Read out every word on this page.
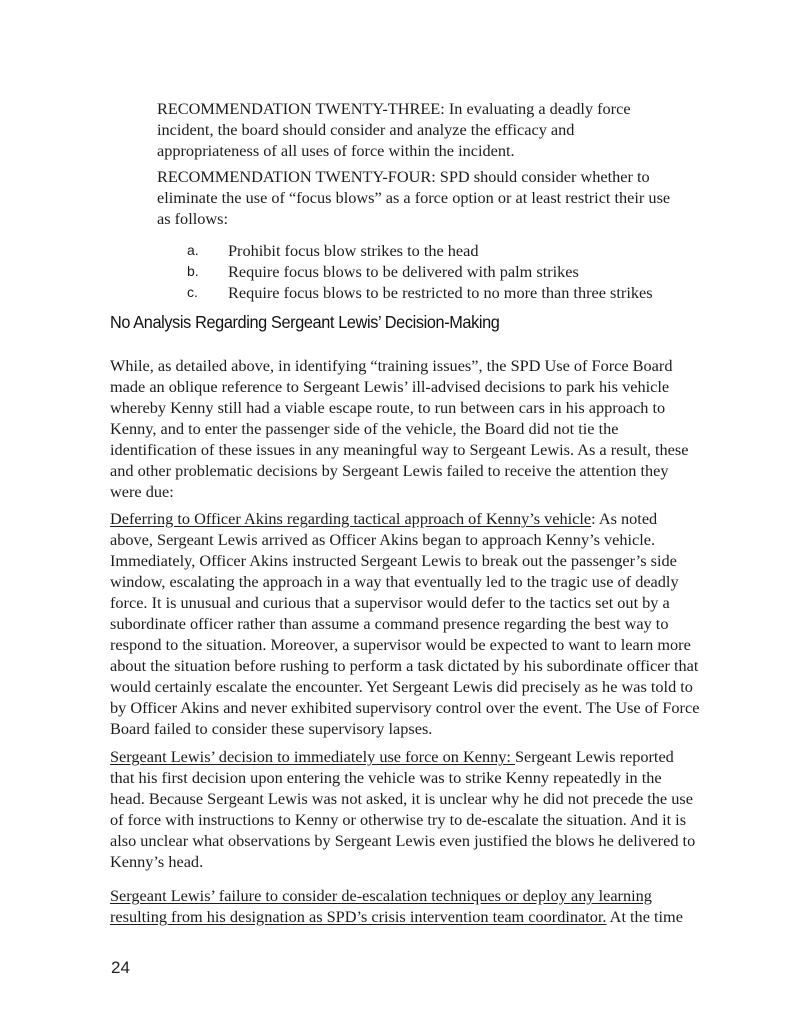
RECOMMENDATION TWENTY-THREE: In evaluating a deadly force incident, the board should consider and analyze the efficacy and appropriateness of all uses of force within the incident.

RECOMMENDATION TWENTY-FOUR: SPD should consider whether to eliminate the use of “focus blows” as a force option or at least restrict their use as follows:

a.	Prohibit focus blow strikes to the head
b.	Require focus blows to be delivered with palm strikes
c.	Require focus blows to be restricted to no more than three strikes
No Analysis Regarding Sergeant Lewis’ Decision-Making

While, as detailed above, in identifying “training issues”, the SPD Use of Force Board made an oblique reference to Sergeant Lewis’ ill-advised decisions to park his vehicle whereby Kenny still had a viable escape route, to run between cars in his approach to Kenny, and to enter the passenger side of the vehicle, the Board did not tie the identification of these issues in any meaningful way to Sergeant Lewis. As a result, these and other problematic decisions by Sergeant Lewis failed to receive the attention they were due:

Deferring to Officer Akins regarding tactical approach of Kenny’s vehicle: As noted above, Sergeant Lewis arrived as Officer Akins began to approach Kenny’s vehicle. Immediately, Officer Akins instructed Sergeant Lewis to break out the passenger’s side window, escalating the approach in a way that eventually led to the tragic use of deadly force. It is unusual and curious that a supervisor would defer to the tactics set out by a subordinate officer rather than assume a command presence regarding the best way to respond to the situation. Moreover, a supervisor would be expected to want to learn more about the situation before rushing to perform a task dictated by his subordinate officer that would certainly escalate the encounter. Yet Sergeant Lewis did precisely as he was told to by Officer Akins and never exhibited supervisory control over the event. The Use of Force Board failed to consider these supervisory lapses.

Sergeant Lewis’ decision to immediately use force on Kenny: Sergeant Lewis reported that his first decision upon entering the vehicle was to strike Kenny repeatedly in the head. Because Sergeant Lewis was not asked, it is unclear why he did not precede the use of force with instructions to Kenny or otherwise try to de-escalate the situation. And it is also unclear what observations by Sergeant Lewis even justified the blows he delivered to Kenny’s head.

Sergeant Lewis’ failure to consider de-escalation techniques or deploy any learning resulting from his designation as SPD’s crisis intervention team coordinator. At the time

24
